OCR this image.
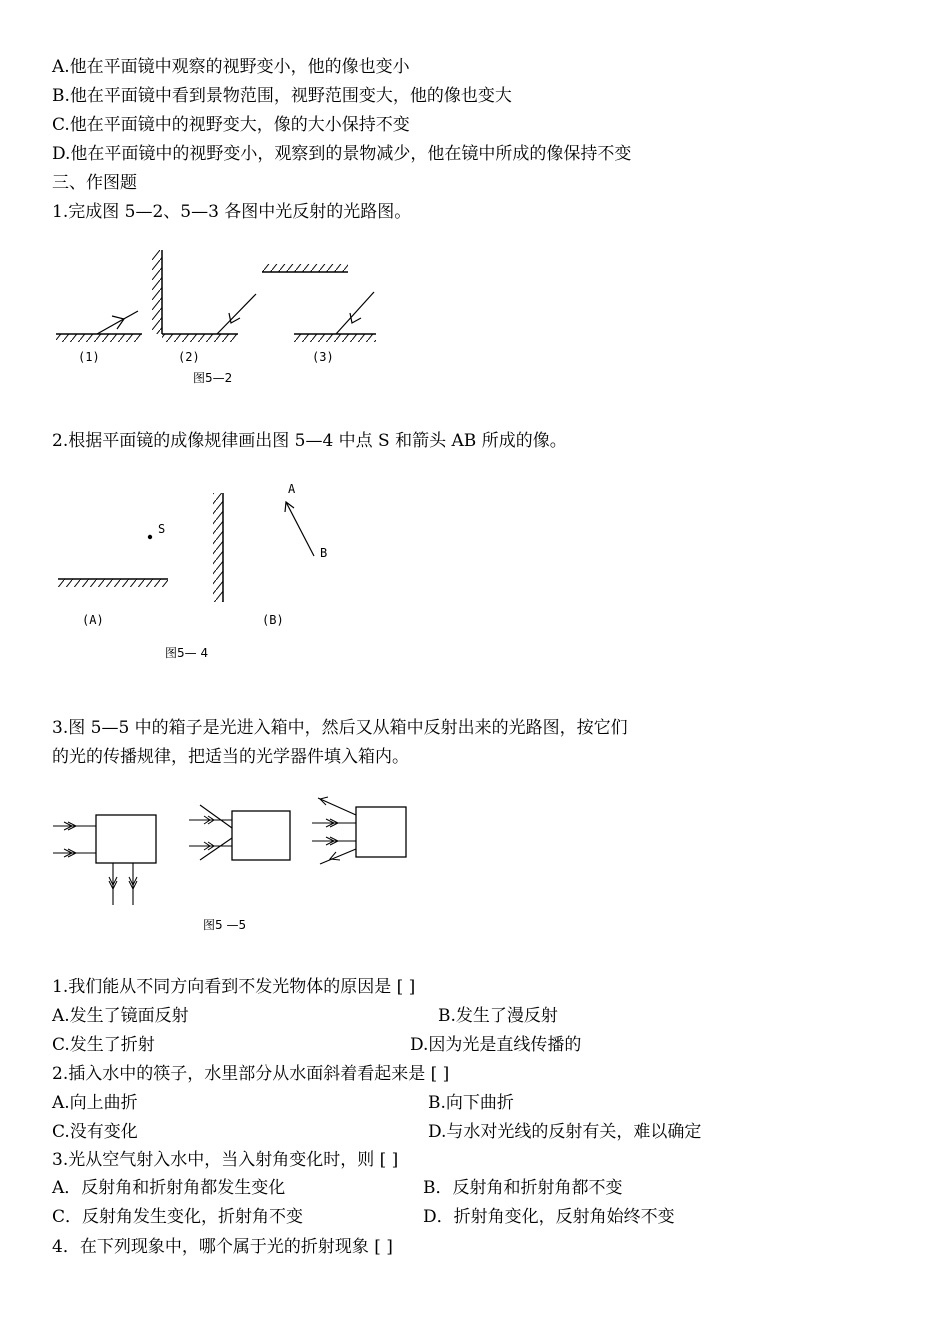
A.他在平面镜中观察的视野变小，他的像也变小
B.他在平面镜中看到景物范围，视野范围变大，他的像也变大
C.他在平面镜中的视野变大，像的大小保持不变
D.他在平面镜中的视野变小，观察到的景物减少，他在镜中所成的像保持不变
三、作图题
1.完成图 5—2、5—3 各图中光反射的光路图。
(1)	(2)	(3)
图5—2
2.根据平面镜的成像规律画出图 5—4 中点 S 和箭头 AB 所成的像。
S
A
B
(A)	(B)
图5— 4
3.图 5—5 中的箱子是光进入箱中，然后又从箱中反射出来的光路图，按它们
的光的传播规律，把适当的光学器件填入箱内。
图5 —5
1.我们能从不同方向看到不发光物体的原因是 [ ]
A.发生了镜面反射	B.发生了漫反射
C.发生了折射	D.因为光是直线传播的
2.插入水中的筷子，水里部分从水面斜着看起来是 [ ]
A.向上曲折	B.向下曲折
C.没有变化	D.与水对光线的反射有关，难以确定
3.光从空气射入水中，当入射角变化时，则 [ ]
A．反射角和折射角都发生变化	B．反射角和折射角都不变
C．反射角发生变化，折射角不变	D．折射角变化，反射角始终不变
4．在下列现象中，哪个属于光的折射现象 [ ]
